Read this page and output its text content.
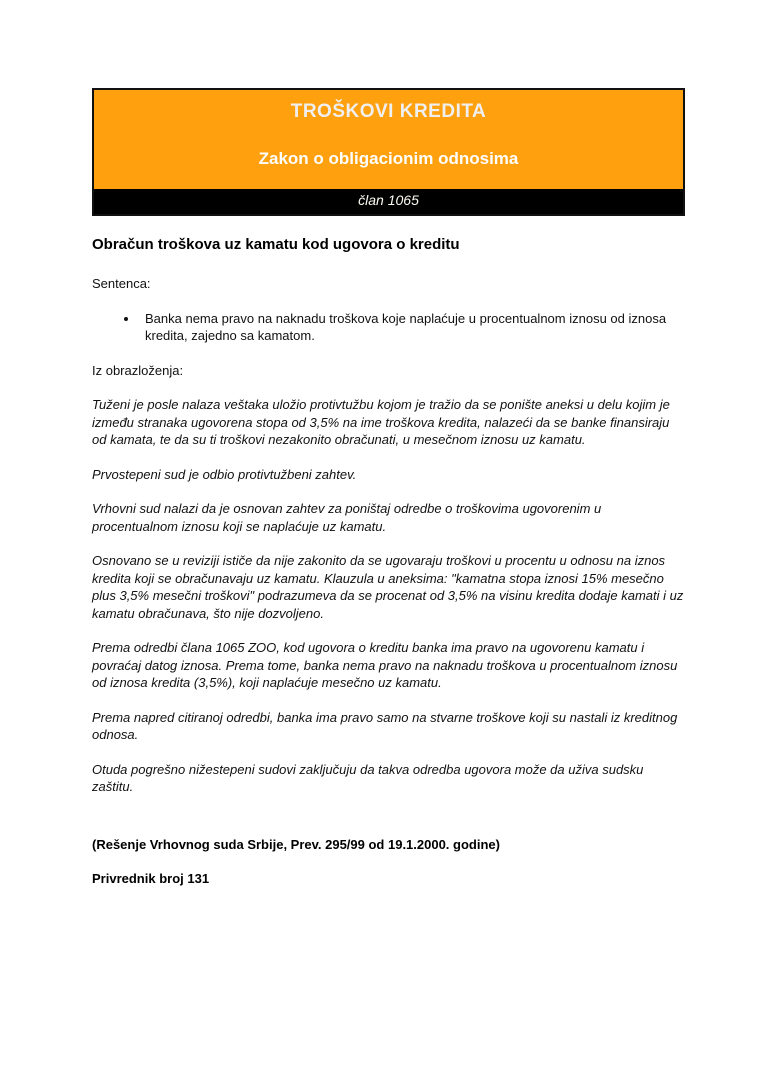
TROŠKOVI KREDITA
Zakon o obligacionim odnosima
član 1065
Obračun troškova uz kamatu kod ugovora o kreditu

Sentenca:

• Banka nema pravo na naknadu troškova koje naplaćuje u procentualnom iznosu od iznosa kredita, zajedno sa kamatom.

Iz obrazloženja:

Tuženi je posle nalaza veštaka uložio protivtužbu kojom je tražio da se ponište aneksi u delu kojim je između stranaka ugovorena stopa od 3,5% na ime troškova kredita, nalazeći da se banke finansiraju od kamata, te da su ti troškovi nezakonito obračunati, u mesečnom iznosu uz kamatu.

Prvostepeni sud je odbio protivtužbeni zahtev.

Vrhovni sud nalazi da je osnovan zahtev za poništaj odredbe o troškovima ugovorenim u procentualnom iznosu koji se naplaćuje uz kamatu.

Osnovano se u reviziji ističe da nije zakonito da se ugovaraju troškovi u procentu u odnosu na iznos kredita koji se obračunavaju uz kamatu. Klauzula u aneksima: "kamatna stopa iznosi 15% mesečno plus 3,5% mesečni troškovi" podrazumeva da se procenat od 3,5% na visinu kredita dodaje kamati i uz kamatu obračunava, što nije dozvoljeno.

Prema odredbi člana 1065 ZOO, kod ugovora o kreditu banka ima pravo na ugovorenu kamatu i povraćaj datog iznosa. Prema tome, banka nema pravo na naknadu troškova u procentualnom iznosu od iznosa kredita (3,5%), koji naplaćuje mesečno uz kamatu.

Prema napred citiranoj odredbi, banka ima pravo samo na stvarne troškove koji su nastali iz kreditnog odnosa.

Otuda pogrešno nižestepeni sudovi zaključuju da takva odredba ugovora može da uživa sudsku zaštitu.

(Rešenje Vrhovnog suda Srbije, Prev. 295/99 od 19.1.2000. godine)

Privrednik broj 131
